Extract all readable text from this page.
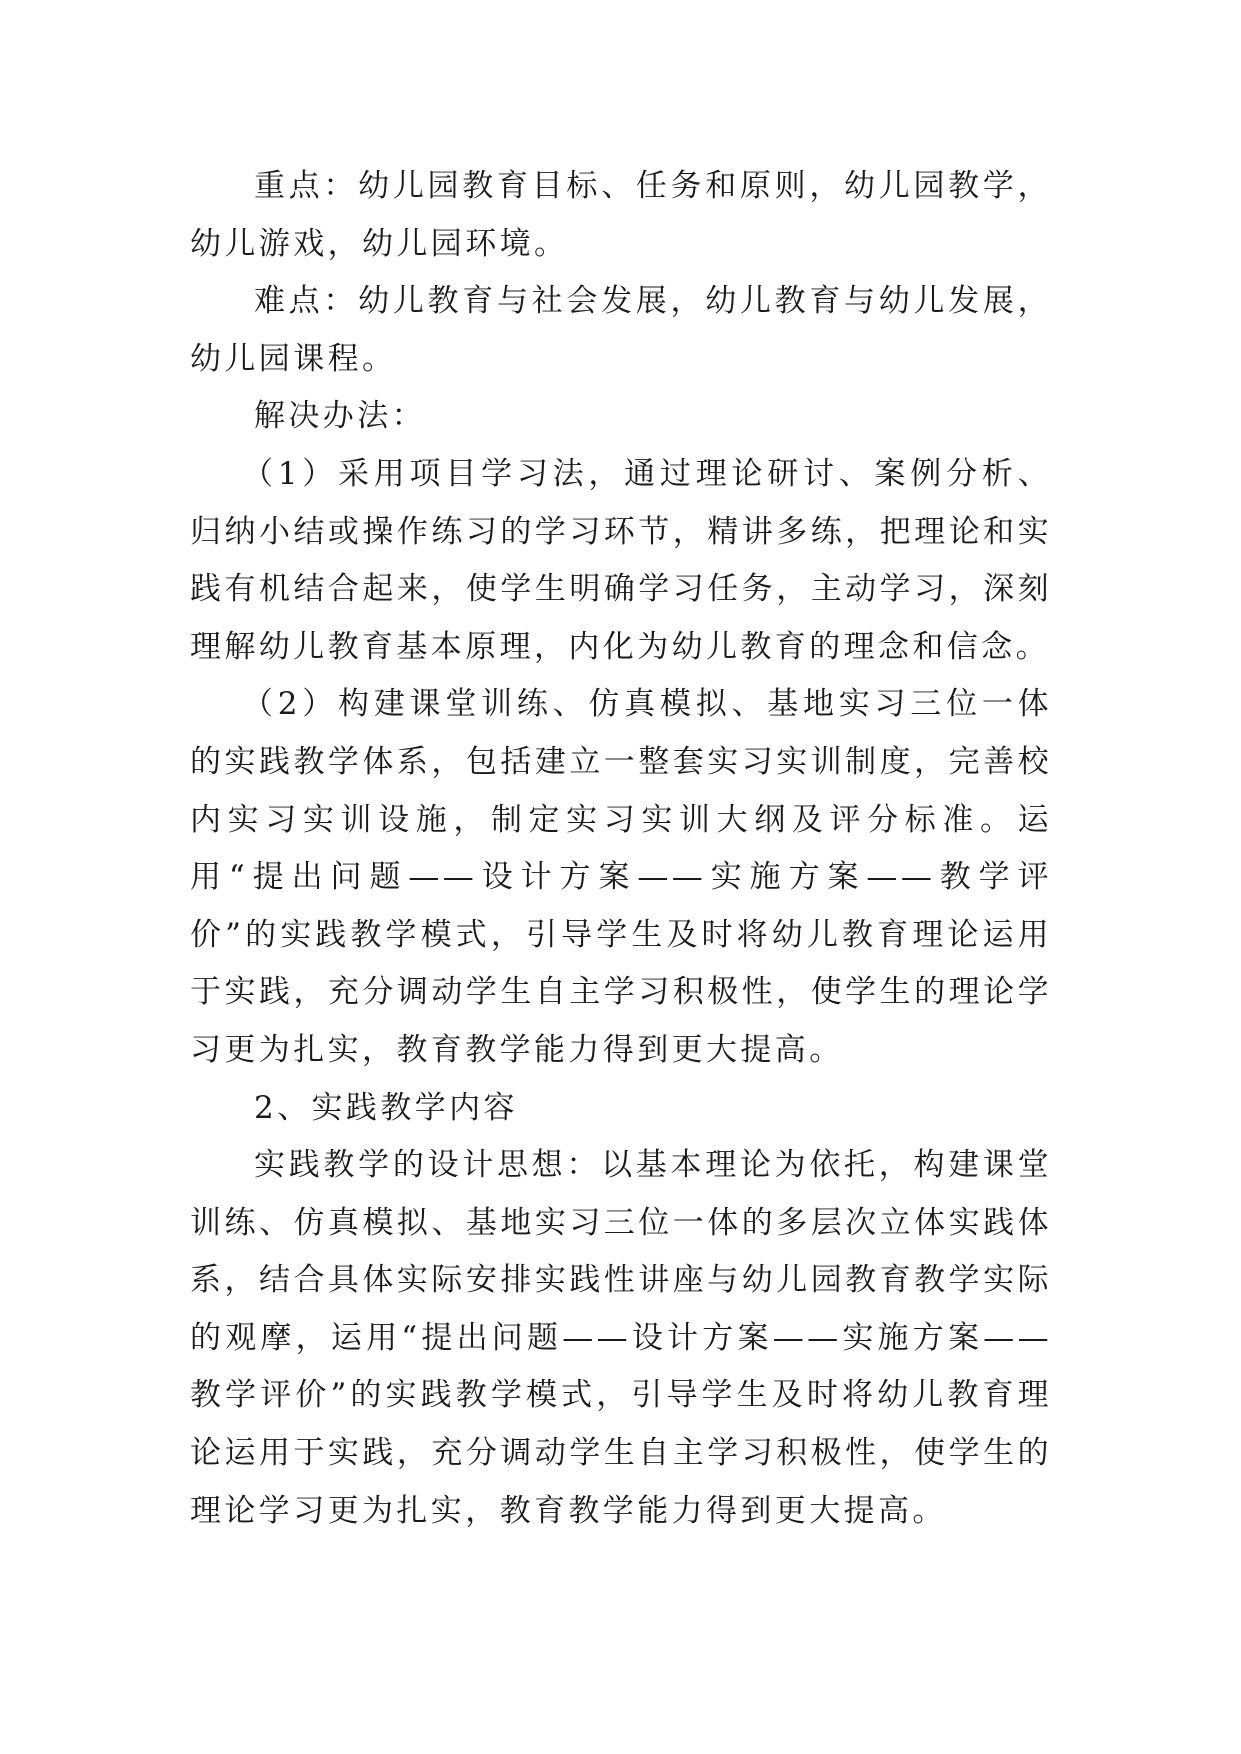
重点：幼儿园教育目标、任务和原则，幼儿园教学，幼儿游戏，幼儿园环境。

难点：幼儿教育与社会发展，幼儿教育与幼儿发展，幼儿园课程。

解决办法：

（1）采用项目学习法，通过理论研讨、案例分析、归纳小结或操作练习的学习环节，精讲多练，把理论和实践有机结合起来，使学生明确学习任务，主动学习，深刻理解幼儿教育基本原理，内化为幼儿教育的理念和信念。

（2）构建课堂训练、仿真模拟、基地实习三位一体的实践教学体系，包括建立一整套实习实训制度，完善校内实习实训设施，制定实习实训大纲及评分标准。运用“提出问题——设计方案——实施方案——教学评价”的实践教学模式，引导学生及时将幼儿教育理论运用于实践，充分调动学生自主学习积极性，使学生的理论学习更为扎实，教育教学能力得到更大提高。

2、实践教学内容

实践教学的设计思想：以基本理论为依托，构建课堂训练、仿真模拟、基地实习三位一体的多层次立体实践体系，结合具体实际安排实践性讲座与幼儿园教育教学实际的观摩，运用“提出问题——设计方案——实施方案——教学评价”的实践教学模式，引导学生及时将幼儿教育理论运用于实践，充分调动学生自主学习积极性，使学生的理论学习更为扎实，教育教学能力得到更大提高。
